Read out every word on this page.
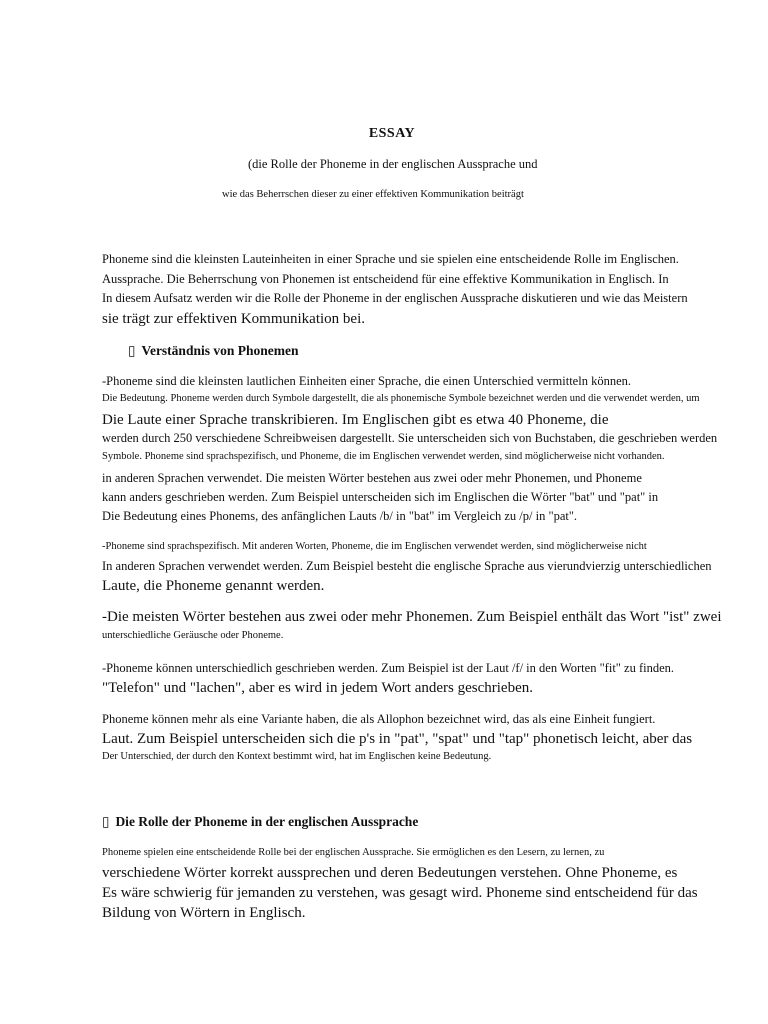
ESSAY
(die Rolle der Phoneme in der englischen Aussprache und
wie das Beherrschen dieser zu einer effektiven Kommunikation beiträgt
Phoneme sind die kleinsten Lauteinheiten in einer Sprache und sie spielen eine entscheidende Rolle im Englischen.
Aussprache. Die Beherrschung von Phonemen ist entscheidend für eine effektive Kommunikation in Englisch. In
In diesem Aufsatz werden wir die Rolle der Phoneme in der englischen Aussprache diskutieren und wie das Meistern
sie trägt zur effektiven Kommunikation bei.
▯ Verständnis von Phonemen
-Phoneme sind die kleinsten lautlichen Einheiten einer Sprache, die einen Unterschied vermitteln können.
Die Bedeutung. Phoneme werden durch Symbole dargestellt, die als phonemische Symbole bezeichnet werden und die verwendet werden, um
Die Laute einer Sprache transkribieren. Im Englischen gibt es etwa 40 Phoneme, die
werden durch 250 verschiedene Schreibweisen dargestellt. Sie unterscheiden sich von Buchstaben, die geschrieben werden
Symbole. Phoneme sind sprachspezifisch, und Phoneme, die im Englischen verwendet werden, sind möglicherweise nicht vorhanden.
in anderen Sprachen verwendet. Die meisten Wörter bestehen aus zwei oder mehr Phonemen, und Phoneme
kann anders geschrieben werden. Zum Beispiel unterscheiden sich im Englischen die Wörter "bat" und "pat" in
Die Bedeutung eines Phonems, des anfänglichen Lauts /b/ in "bat" im Vergleich zu /p/ in "pat".
-Phoneme sind sprachspezifisch. Mit anderen Worten, Phoneme, die im Englischen verwendet werden, sind möglicherweise nicht
In anderen Sprachen verwendet werden. Zum Beispiel besteht die englische Sprache aus vierundvierzig unterschiedlichen
Laute, die Phoneme genannt werden.
-Die meisten Wörter bestehen aus zwei oder mehr Phonemen. Zum Beispiel enthält das Wort "ist" zwei
unterschiedliche Geräusche oder Phoneme.
-Phoneme können unterschiedlich geschrieben werden. Zum Beispiel ist der Laut /f/ in den Worten "fit" zu finden.
"Telefon" und "lachen", aber es wird in jedem Wort anders geschrieben.
Phoneme können mehr als eine Variante haben, die als Allophon bezeichnet wird, das als eine Einheit fungiert.
Laut. Zum Beispiel unterscheiden sich die p's in "pat", "spat" und "tap" phonetisch leicht, aber das
Der Unterschied, der durch den Kontext bestimmt wird, hat im Englischen keine Bedeutung.
▯ Die Rolle der Phoneme in der englischen Aussprache
Phoneme spielen eine entscheidende Rolle bei der englischen Aussprache. Sie ermöglichen es den Lesern, zu lernen, zu
verschiedene Wörter korrekt aussprechen und deren Bedeutungen verstehen. Ohne Phoneme, es
Es wäre schwierig für jemanden zu verstehen, was gesagt wird. Phoneme sind entscheidend für das
Bildung von Wörtern in Englisch.
